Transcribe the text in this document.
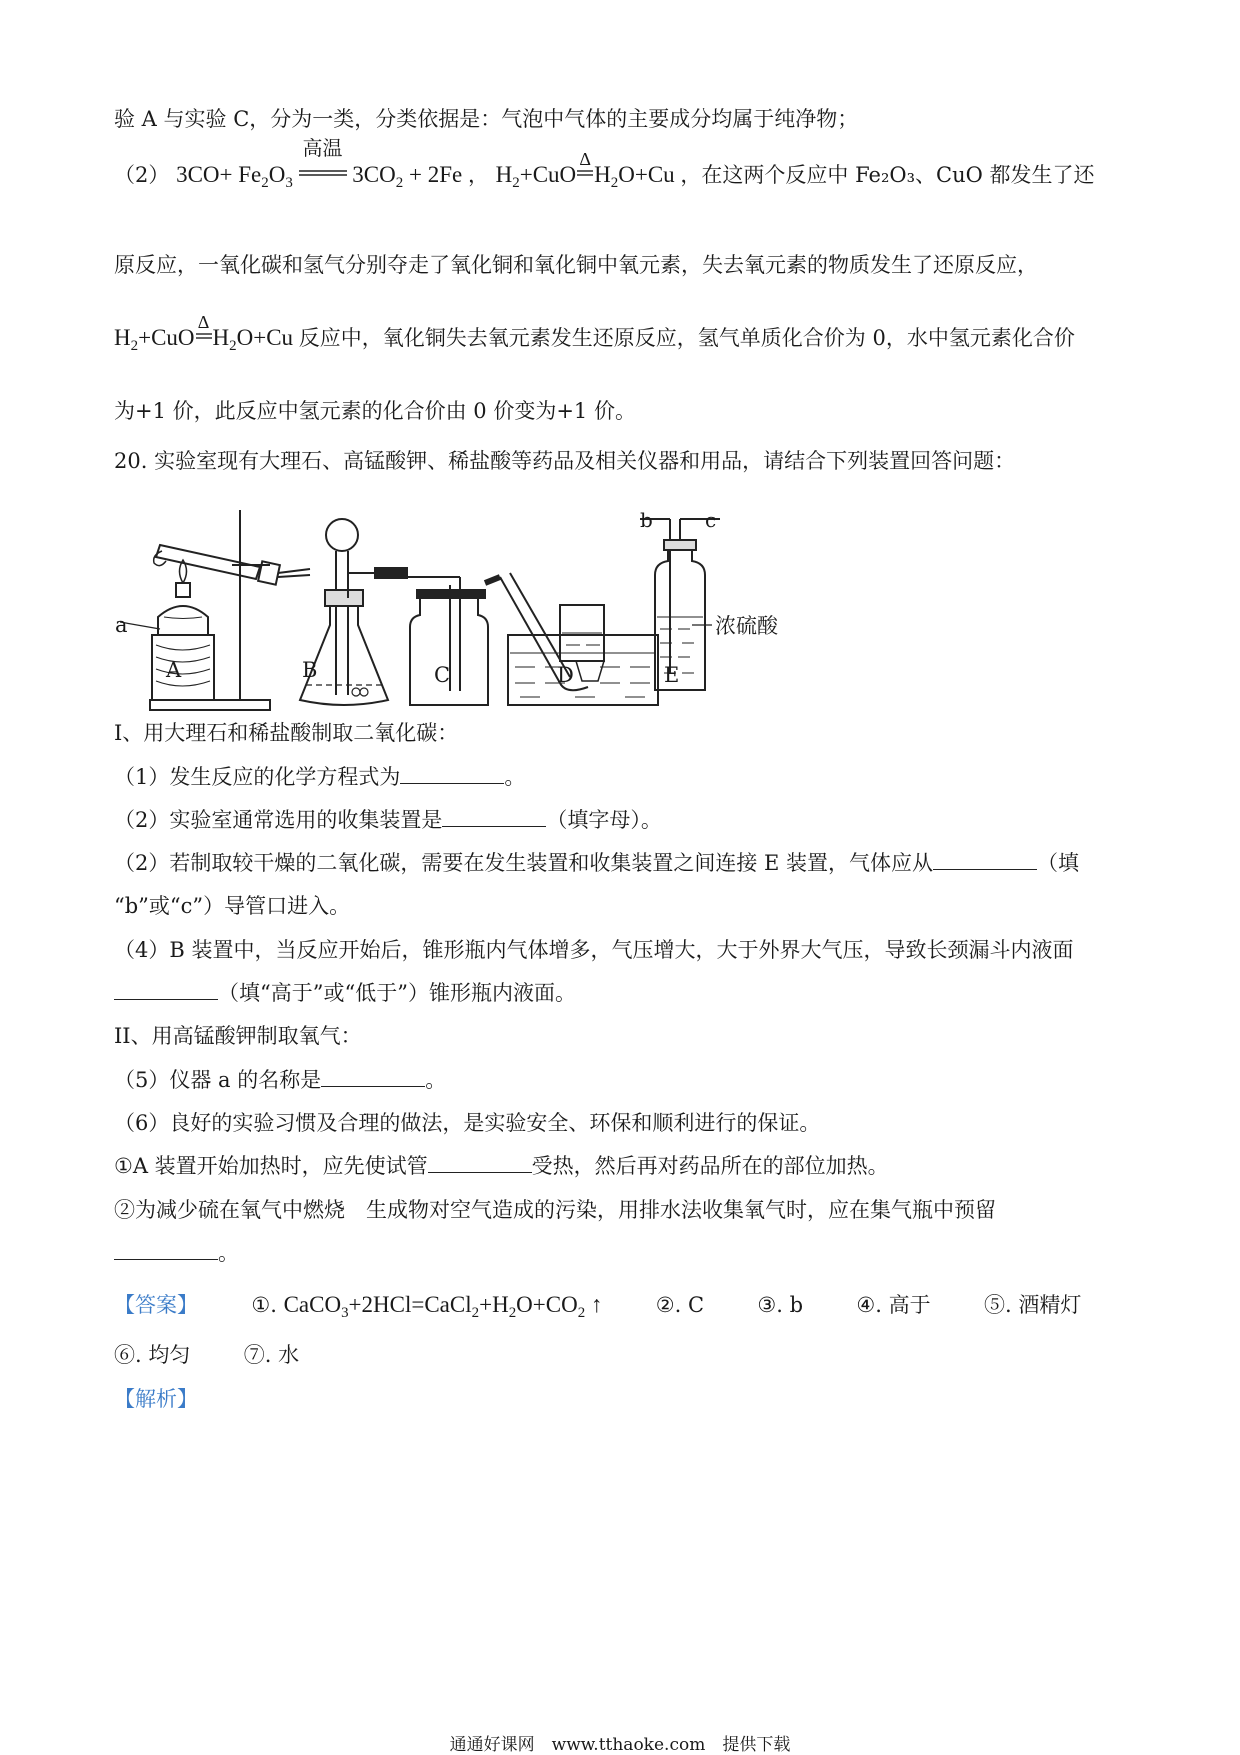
验 A 与实验 C，分为一类，分类依据是：气泡中气体的主要成分均属于纯净物；
（2） $3CO+ Fe_2O_3$
高温
$3CO_2 + 2Fe$ ， $H_2+CuO$
Δ
$H_2O+Cu$ ，在这两个反应中 Fe₂O₃、CuO 都发生了还
原反应，一氧化碳和氢气分别夺走了氧化铜和氧化铜中氧元素，失去氧元素的物质发生了还原反应，
$H_2+CuO$
Δ
$H_2O+Cu$ 反应中，氧化铜失去氧元素发生还原反应，氢气单质化合价为 0，水中氢元素化合价
为+1 价，此反应中氢元素的化合价由 0 价变为+1 价。
20. 实验室现有大理石、高锰酸钾、稀盐酸等药品及相关仪器和用品，请结合下列装置回答问题：
a
b	c
浓硫酸
A	B	C	D	E
I、用大理石和稀盐酸制取二氧化碳：
（1）发生反应的化学方程式为	。
（2）实验室通常选用的收集装置是	（填字母）。
（2）若制取较干燥的二氧化碳，需要在发生装置和收集装置之间连接 E 装置，气体应从	（填
“b”或“c”）导管口进入。
（4）B 装置中，当反应开始后，锥形瓶内气体增多，气压增大，大于外界大气压，导致长颈漏斗内液面
（填“高于”或“低于”）锥形瓶内液面。
II、用高锰酸钾制取氧气：
（5）仪器 a 的名称是	。
（6）良好的实验习惯及合理的做法，是实验安全、环保和顺利进行的保证。
①A 装置开始加热时，应先使试管	受热，然后再对药品所在的部位加热。
②为减少硫在氧气中燃烧　生成物对空气造成的污染，用排水法收集氧气时，应在集气瓶中预留
。
【答案】	①. $CaCO_3+2HCl=CaCl_2+H_2O+CO_2$ ↑	②. C	③. b	④. 高于	⑤. 酒精灯
⑥. 均匀	⑦. 水
【解析】
通通好课网　www.tthaoke.com　提供下载
